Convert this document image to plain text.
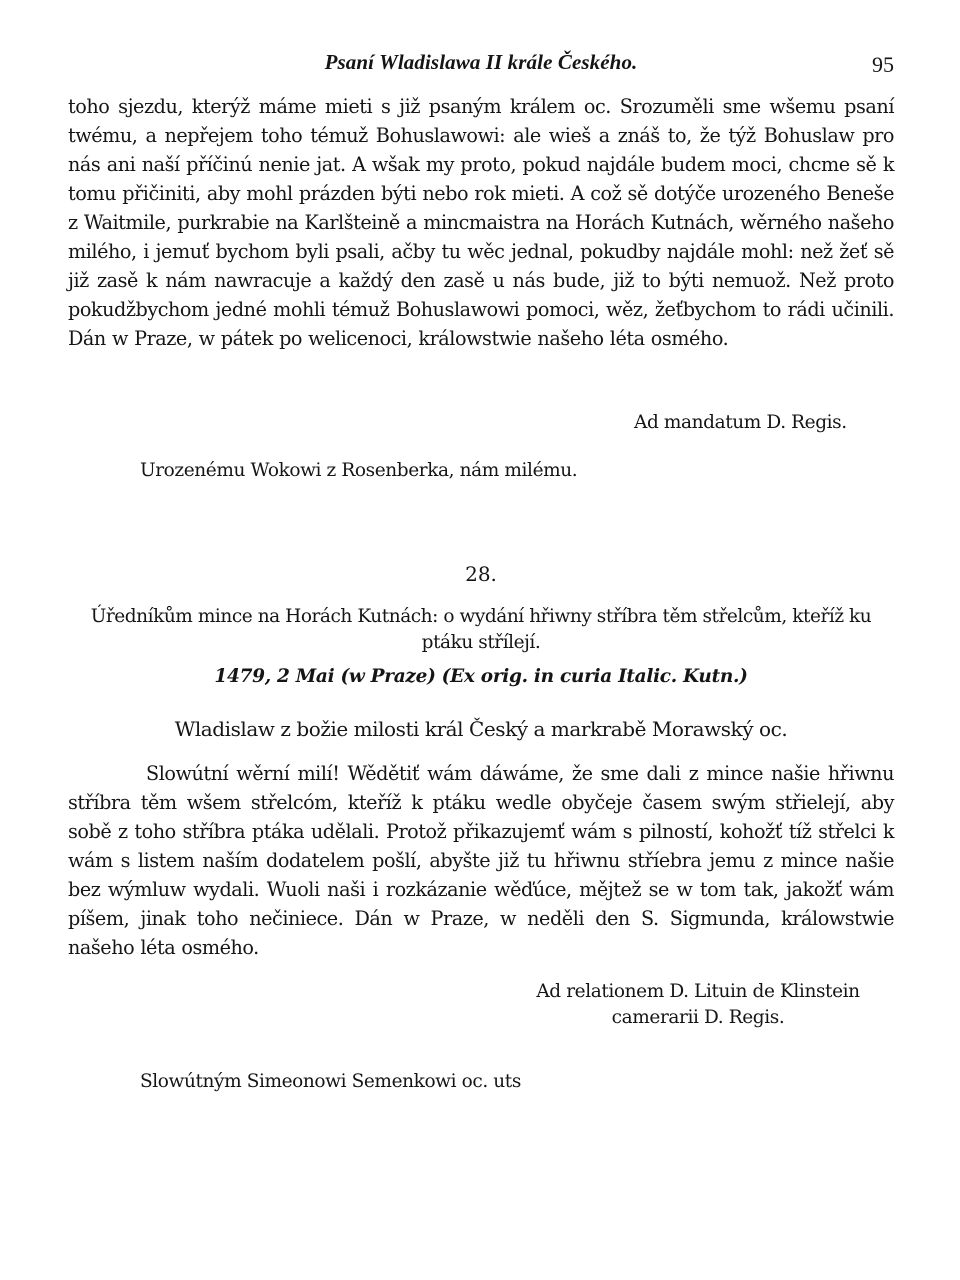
Psaní Wladislawa II krále Českého.	95

toho sjezdu, kterýž máme mieti s již psaným králem oc. Srozuměli sme wšemu psaní twému, a nepřejem toho témuž Bohuslawowi: ale wieš a znáš to, že týž Bohuslaw pro nás ani naší příčinú nenie jat. A wšak my proto, pokud najdále budem moci, chcme sě k tomu přičiniti, aby mohl prázden býti nebo rok mieti. A což sě dotýče urozeného Beneše z Waitmile, purkrabie na Karlšteině a mincmaistra na Horách Kutnách, wěrného našeho milého, i jemuť bychom byli psali, ačby tu wěc jednal, pokudby najdále mohl: než žeť sě již zasě k nám nawracuje a každý den zasě u nás bude, již to býti nemuož. Než proto pokudžbychom jedné mohli témuž Bohuslawowi pomoci, wěz, žeťbychom to rádi učinili. Dán w Praze, w pátek po welicenoci, králowstwie našeho léta osmého.

Ad mandatum D. Regis.

Urozenému Wokowi z Rosenberka, nám milému.

28.

Úředníkům mince na Horách Kutnách: o wydání hřiwny stříbra těm střelcům, kteříž ku ptáku střílejí.

1479, 2 Mai (w Praze) (Ex orig. in curia Italic. Kutn.)

Wladislaw z božie milosti král Český a markrabě Morawský oc.

Slowútní wěrní milí! Wědětiť wám dáwáme, že sme dali z mince našie hřiwnu stříbra těm wšem střelcóm, kteříž k ptáku wedle obyčeje časem swým střielejí, aby sobě z toho stříbra ptáka udělali. Protož přikazujemť wám s pilností, kohožť tíž střelci k wám s listem naším dodatelem pošlí, abyšte již tu hřiwnu stříebra jemu z mince našie bez wýmluw wydali. Wuoli naši i rozkázanie wěďúce, mějtež se w tom tak, jakožť wám píšem, jinak toho nečiniece. Dán w Praze, w neděli den S. Sigmunda, králowstwie našeho léta osmého.

Ad relationem D. Lituin de Klinstein
camerarii D. Regis.

Slowútným Simeonowi Semenkowi oc. uts
